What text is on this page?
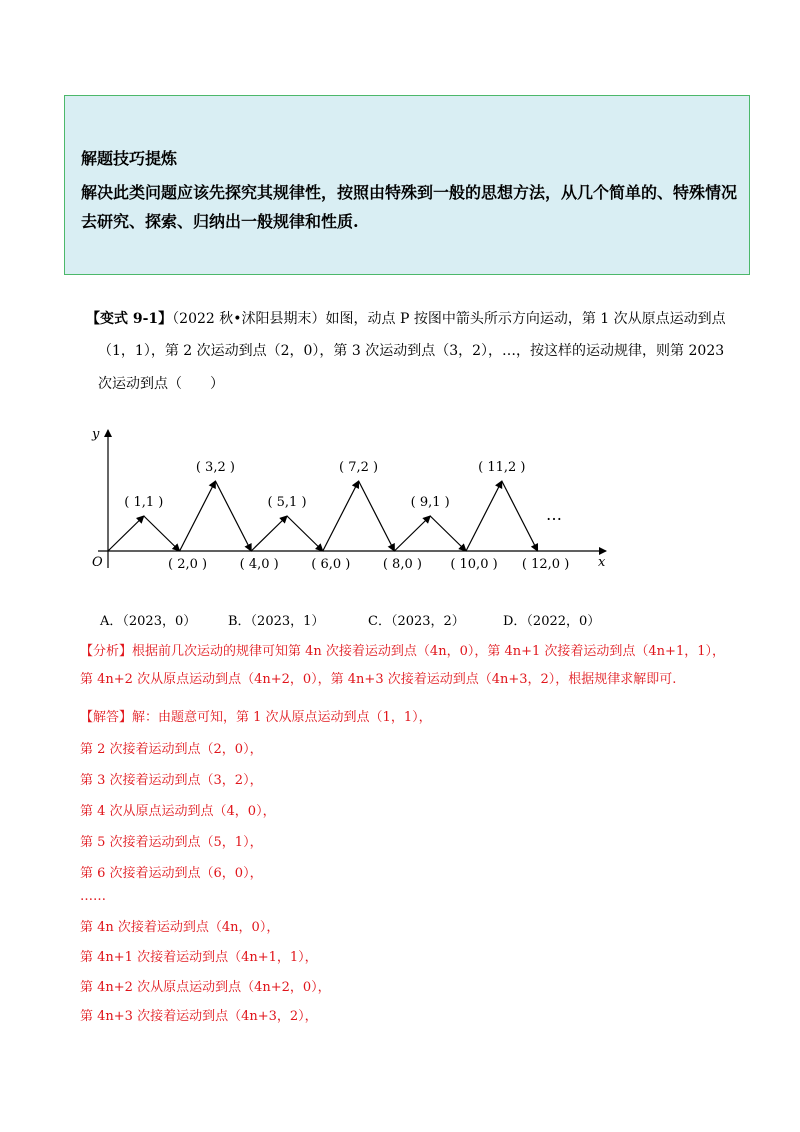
解题技巧提炼
解决此类问题应该先探究其规律性，按照由特殊到一般的思想方法，从几个简单的、特殊情况去研究、探索、归纳出一般规律和性质.
【变式 9-1】（2022 秋•沭阳县期末）如图，动点 P 按图中箭头所示方向运动，第 1 次从原点运动到点
（1，1），第 2 次运动到点（2，0），第 3 次运动到点（3，2），…，按这样的运动规律，则第 2023
次运动到点（　　）
y
x
O
…
( 1,1 )
( 2,0 )
( 3,2 )
( 4,0 )
( 5,1 )
( 6,0 )
( 7,2 )
( 8,0 )
( 9,1 )
( 10,0 )
( 11,2 )
( 12,0 )
A．（2023，0） B．（2023，1）	C．（2023，2）	D．（2022，0）
【分析】根据前几次运动的规律可知第 4n 次接着运动到点（4n，0），第 4n+1 次接着运动到点（4n+1，1），第 4n+2 次从原点运动到点（4n+2，0），第 4n+3 次接着运动到点（4n+3，2），根据规律求解即可.
【解答】解：由题意可知，第 1 次从原点运动到点（1，1），
第 2 次接着运动到点（2，0），
第 3 次接着运动到点（3，2），
第 4 次从原点运动到点（4，0），
第 5 次接着运动到点（5，1），
第 6 次接着运动到点（6，0），
……
第 4n 次接着运动到点（4n，0），
第 4n+1 次接着运动到点（4n+1，1），
第 4n+2 次从原点运动到点（4n+2，0），
第 4n+3 次接着运动到点（4n+3，2），
